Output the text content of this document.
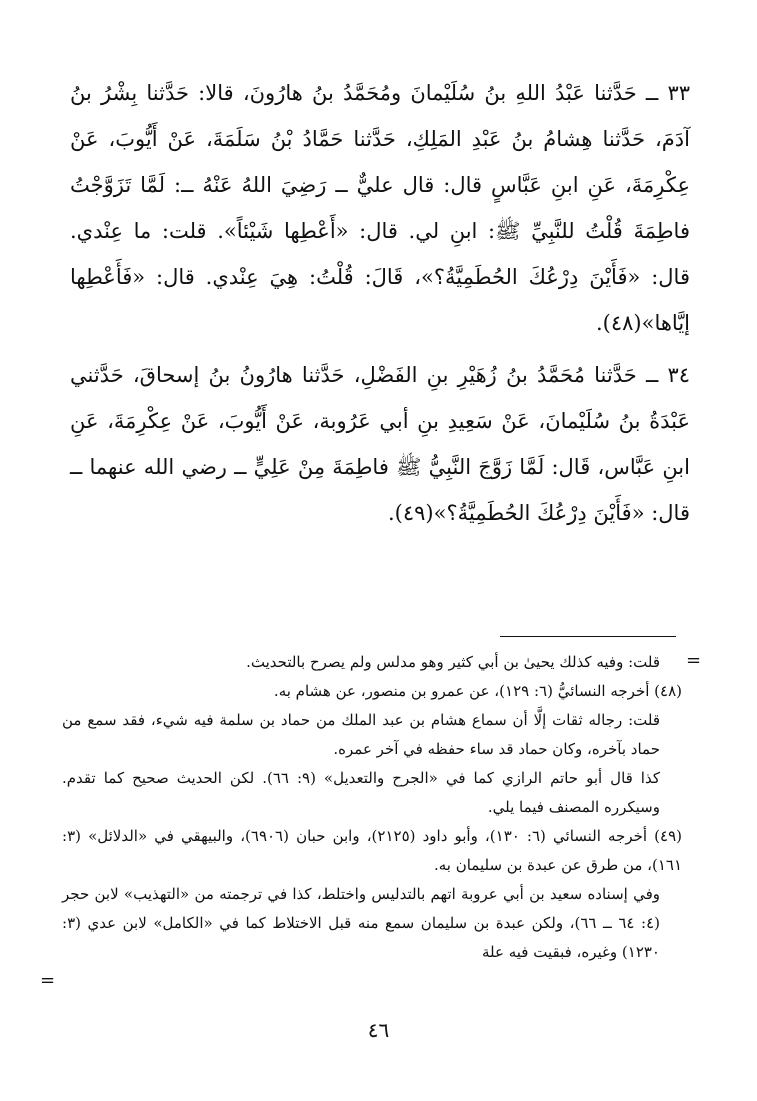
٣٣ ــ حَدَّثنا عَبْدُ اللهِ بنُ سُلَيْمانَ ومُحَمَّدُ بنُ هارُونَ، قالا: حَدَّثنا بِشْرُ بنُ آدَمَ، حَدَّثنا هِشامُ بنُ عَبْدِ المَلِكِ، حَدَّثنا حَمَّادُ بْنُ سَلَمَةَ، عَنْ أَيُّوبَ، عَنْ عِكْرِمَةَ، عَنِ ابنِ عَبَّاسٍ قال: قال عليٌّ ــ رَضِيَ اللهُ عَنْهُ ــ: لَمَّا تَزَوَّجْتُ فاطِمَةَ قُلْتُ للنَّبِيِّ ﷺ: ابنِ لي. قال: «أَعْطِها شَيْئاً». قلت: ما عِنْدي. قال: «فَأَيْنَ دِرْعُكَ الحُطَمِيَّةُ؟»، قَالَ: قُلْتُ: هِيَ عِنْدي. قال: «فَأَعْطِها إيَّاها»(٤٨).

٣٤ ــ حَدَّثنا مُحَمَّدُ بنُ زُهَيْرِ بنِ الفَضْلِ، حَدَّثنا هارُونُ بنُ إسحاقَ، حَدَّثني عَبْدَةُ بنُ سُلَيْمانَ، عَنْ سَعِيدِ بنِ أبي عَرُوبة، عَنْ أَيُّوبَ، عَنْ عِكْرِمَةَ، عَنِ ابنِ عَبَّاس، قَال: لَمَّا زَوَّجَ النَّبِيُّ ﷺ فاطِمَةَ مِنْ عَلِيٍّ ــ رضي الله عنهما ــ قال: «فَأَيْنَ دِرْعُكَ الحُطَمِيَّةُ؟»(٤٩).

=

قلت: وفيه كذلك يحيىٰ بن أبي كثير وهو مدلس ولم يصرح بالتحديث.

(٤٨) أخرجه النسائيُّ (٦: ١٢٩)، عن عمرو بن منصور، عن هشام به.

قلت: رجاله ثقات إلَّا أن سماع هشام بن عبد الملك من حماد بن سلمة فيه شيء، فقد سمع من حماد بآخره، وكان حماد قد ساء حفظه في آخر عمره.

كذا قال أبو حاتم الرازي كما في «الجرح والتعديل» (٩: ٦٦). لكن الحديث صحيح كما تقدم. وسيكرره المصنف فيما يلي.

(٤٩) أخرجه النسائي (٦: ١٣٠)، وأبو داود (٢١٢٥)، وابن حبان (٦٩٠٦)، والبيهقي في «الدلائل» (٣: ١٦١)، من طرق عن عبدة بن سليمان به.

وفي إسناده سعيد بن أبي عروبة اتهم بالتدليس واختلط، كذا في ترجمته من «التهذيب» لابن حجر (٤: ٦٤ ــ ٦٦)، ولكن عبدة بن سليمان سمع منه قبل الاختلاط كما في «الكامل» لابن عدي (٣: ١٢٣٠) وغيره، فبقيت فيه علة

=
٤٦
